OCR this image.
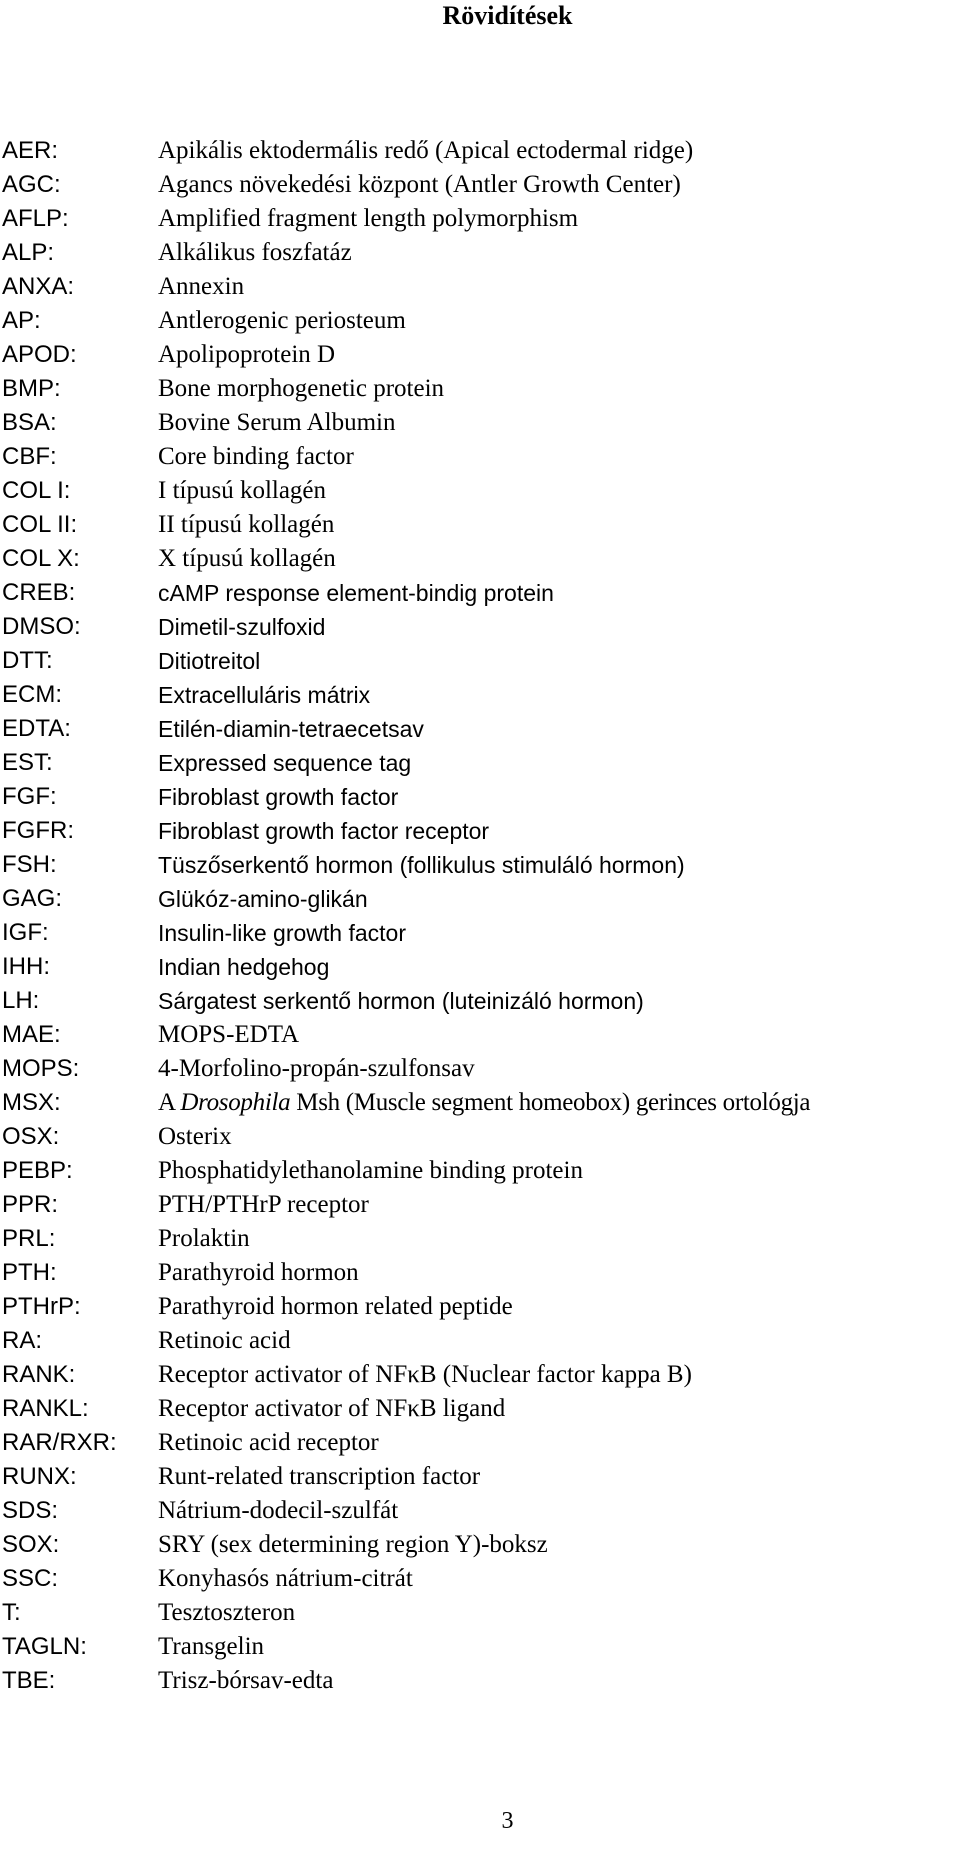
Rövidítések
AER:	Apikális ektodermális redő (Apical ectodermal ridge)
AGC:	Agancs növekedési központ (Antler Growth Center)
AFLP:	Amplified fragment length polymorphism
ALP:	Alkálikus foszfatáz
ANXA:	Annexin
AP:	Antlerogenic periosteum
APOD:	Apolipoprotein D
BMP:	Bone morphogenetic protein
BSA:	Bovine Serum Albumin
CBF:	Core binding factor
COL I:	I típusú kollagén
COL II:	II típusú kollagén
COL X:	X típusú kollagén
CREB:	cAMP response element-bindig protein
DMSO:	Dimetil-szulfoxid
DTT:	Ditiotreitol
ECM:	Extracelluláris mátrix
EDTA:	Etilén-diamin-tetraecetsav
EST:	Expressed sequence tag
FGF:	Fibroblast growth factor
FGFR:	Fibroblast growth factor receptor
FSH:	Tüszőserkentő hormon (follikulus stimuláló hormon)
GAG:	Glükóz-amino-glikán
IGF:	Insulin-like growth factor
IHH:	Indian hedgehog
LH:	Sárgatest serkentő hormon (luteinizáló hormon)
MAE:	MOPS-EDTA
MOPS:	4-Morfolino-propán-szulfonsav
MSX:	A Drosophila Msh (Muscle segment homeobox) gerinces ortológja
OSX:	Osterix
PEBP:	Phosphatidylethanolamine binding protein
PPR:	PTH/PTHrP receptor
PRL:	Prolaktin
PTH:	Parathyroid hormon
PTHrP:	Parathyroid hormon related peptide
RA:	Retinoic acid
RANK:	Receptor activator of NFκB (Nuclear factor kappa B)
RANKL:	Receptor activator of NFκB ligand
RAR/RXR: Retinoic acid receptor
RUNX:	Runt-related transcription factor
SDS:	Nátrium-dodecil-szulfát
SOX:	SRY (sex determining region Y)-boksz
SSC:	Konyhasós nátrium-citrát
T:	Tesztoszteron
TAGLN:	Transgelin
TBE:	Trisz-bórsav-edta
3
